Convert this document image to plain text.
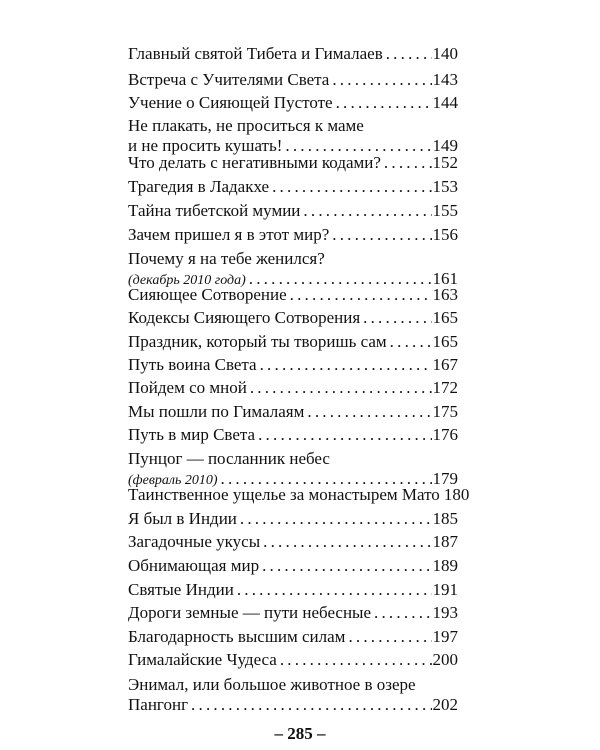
Главный святой Тибета и Гималаев .....	140
Встреча с Учителями Света .....	143
Учение о Сияющей Пустоте .....	144
Не плакать, не проситься к маме
и не просить кушать! .....	149
Что делать с негативными кодами? .....	152
Трагедия в Ладакхе .....	153
Тайна тибетской мумии .....	155
Зачем пришел я в этот мир? .....	156
Почему я на тебе женился?
(декабрь 2010 года) .....	161
Сияющее Сотворение .....	163
Кодексы Сияющего Сотворения .....	165
Праздник, который ты творишь сам .....	165
Путь воина Света .....	167
Пойдем со мной .....	172
Мы пошли по Гималаям .....	175
Путь в мир Света .....	176
Пунцог — посланник небес
(февраль 2010) .....	179
Таинственное ущелье за монастырем Мато 180
Я был в Индии .....	185
Загадочные укусы .....	187
Обнимающая мир .....	189
Святые Индии .....	191
Дороги земные — пути небесные .....	193
Благодарность высшим силам .....	197
Гималайские Чудеса .....	200
Энимал, или большое животное в озере
Пангонг .....	202
– 285 –
